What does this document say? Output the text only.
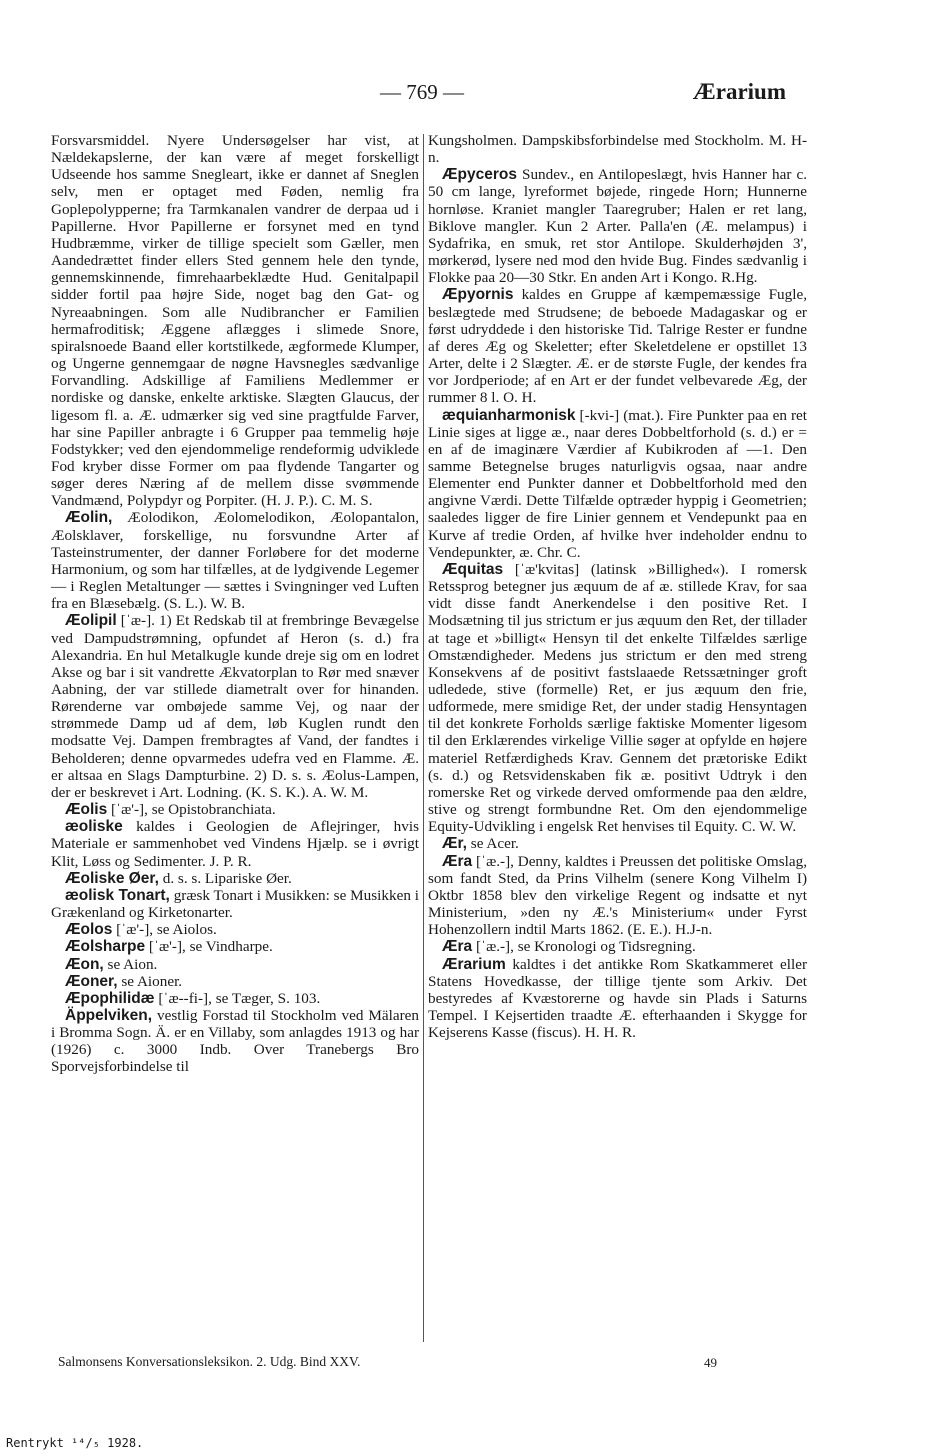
— 769 —	Ærarium

Forsvarsmiddel. Nyere Undersøgelser har vist, at Nældekapslerne, der kan være af meget forskelligt Udseende hos samme Snegleart, ikke er dannet af Sneglen selv, men er optaget med Føden, nemlig fra Goplepolypperne; fra Tarmkanalen vandrer de derpaa ud i Papillerne. Hvor Papillerne er forsynet med en tynd Hudbræmme, virker de tillige specielt som Gæller, men Aandedrættet finder ellers Sted gennem hele den tynde, gennemskinnende, fimrehaarbeklædte Hud. Genitalpapil sidder fortil paa højre Side, noget bag den Gat- og Nyreaabningen. Som alle Nudibrancher er Familien hermafroditisk; Æggene aflægges i slimede Snore, spiralsnoede Baand eller kortstilkede, ægformede Klumper, og Ungerne gennemgaar de nøgne Havsnegles sædvanlige Forvandling. Adskillige af Familiens Medlemmer er nordiske og danske, enkelte arktiske. Slægten Glaucus, der ligesom fl. a. Æ. udmærker sig ved sine pragtfulde Farver, har sine Papiller anbragte i 6 Grupper paa temmelig høje Fodstykker; ved den ejendommelige rendeformig udviklede Fod kryber disse Former om paa flydende Tangarter og søger deres Næring af de mellem disse svømmende Vandmænd, Polypdyr og Porpiter. (H. J. P.). C. M. S.

Æolin, Æolodikon, Æolomelodikon, Æolopantalon, Æolsklaver, forskellige, nu forsvundne Arter af Tasteinstrumenter, der danner Forløbere for det moderne Harmonium, og som har tilfælles, at de lydgivende Legemer — i Reglen Metaltunger — sættes i Svingninger ved Luften fra en Blæsebælg. (S. L.). W. B.

Æolipil [ˈæ-]. 1) Et Redskab til at frembringe Bevægelse ved Dampudstrømning, opfundet af Heron (s. d.) fra Alexandria. En hul Metalkugle kunde dreje sig om en lodret Akse og bar i sit vandrette Ækvatorplan to Rør med snæver Aabning, der var stillede diametralt over for hinanden. Rørenderne var ombøjede samme Vej, og naar der strømmede Damp ud af dem, løb Kuglen rundt den modsatte Vej. Dampen frembragtes af Vand, der fandtes i Beholderen; denne opvarmedes udefra ved en Flamme. Æ. er altsaa en Slags Dampturbine. 2) D. s. s. Æolus-Lampen, der er beskrevet i Art. Lodning. (K. S. K.). A. W. M.

Æolis [ˈæ'-], se Opistobranchiata.

æoliske kaldes i Geologien de Aflejringer, hvis Materiale er sammenhobet ved Vindens Hjælp. se i øvrigt Klit, Løss og Sedimenter. J. P. R.

Æoliske Øer, d. s. s. Lipariske Øer.

æolisk Tonart, græsk Tonart i Musikken: se Musikken i Grækenland og Kirketonarter.

Æolos [ˈæ'-], se Aiolos.

Æolsharpe [ˈæ'-], se Vindharpe.

Æon, se Aion.

Æoner, se Aioner.

Æpophilidæ [ˈæ--fi-], se Tæger, S. 103.

Äppelviken, vestlig Forstad til Stockholm ved Mälaren i Bromma Sogn. Ä. er en Villaby, som anlagdes 1913 og har (1926) c. 3000 Indb. Over Tranebergs Bro Sporvejsforbindelse til

Kungsholmen. Dampskibsforbindelse med Stockholm. M. H-n.

Æpyceros Sundev., en Antilopeslægt, hvis Hanner har c. 50 cm lange, lyreformet bøjede, ringede Horn; Hunnerne hornløse. Kraniet mangler Taaregruber; Halen er ret lang, Biklove mangler. Kun 2 Arter. Palla'en (Æ. melampus) i Sydafrika, en smuk, ret stor Antilope. Skulderhøjden 3', mørkerød, lysere ned mod den hvide Bug. Findes sædvanlig i Flokke paa 20—30 Stkr. En anden Art i Kongo. R.Hg.

Æpyornis kaldes en Gruppe af kæmpemæssige Fugle, beslægtede med Strudsene; de beboede Madagaskar og er først udryddede i den historiske Tid. Talrige Rester er fundne af deres Æg og Skeletter; efter Skeletdelene er opstillet 13 Arter, delte i 2 Slægter. Æ. er de største Fugle, der kendes fra vor Jordperiode; af en Art er der fundet velbevarede Æg, der rummer 8 l. O. H.

æquianharmonisk [-kvi-] (mat.). Fire Punkter paa en ret Linie siges at ligge æ., naar deres Dobbeltforhold (s. d.) er = en af de imaginære Værdier af Kubikroden af —1. Den samme Betegnelse bruges naturligvis ogsaa, naar andre Elementer end Punkter danner et Dobbeltforhold med den angivne Værdi. Dette Tilfælde optræder hyppig i Geometrien; saaledes ligger de fire Linier gennem et Vendepunkt paa en Kurve af tredie Orden, af hvilke hver indeholder endnu to Vendepunkter, æ. Chr. C.

Æquitas [ˈæ'kvitas] (latinsk »Billighed«). I romersk Retssprog betegner jus æquum de af æ. stillede Krav, for saa vidt disse fandt Anerkendelse i den positive Ret. I Modsætning til jus strictum er jus æquum den Ret, der tillader at tage et »billigt« Hensyn til det enkelte Tilfældes særlige Omstændigheder. Medens jus strictum er den med streng Konsekvens af de positivt fastslaaede Retssætninger groft udledede, stive (formelle) Ret, er jus æquum den frie, udformede, mere smidige Ret, der under stadig Hensyntagen til det konkrete Forholds særlige faktiske Momenter ligesom til den Erklærendes virkelige Villie søger at opfylde en højere materiel Retfærdigheds Krav. Gennem det prætoriske Edikt (s. d.) og Retsvidenskaben fik æ. positivt Udtryk i den romerske Ret og virkede derved omformende paa den ældre, stive og strengt formbundne Ret. Om den ejendommelige Equity-Udvikling i engelsk Ret henvises til Equity. C. W. W.

Ær, se Acer.

Æra [ˈæ.-], Denny, kaldtes i Preussen det politiske Omslag, som fandt Sted, da Prins Vilhelm (senere Kong Vilhelm I) Oktbr 1858 blev den virkelige Regent og indsatte et nyt Ministerium, »den ny Æ.'s Ministerium« under Fyrst Hohenzollern indtil Marts 1862. (E. E.). H.J-n.

Æra [ˈæ.-], se Kronologi og Tidsregning.

Ærarium kaldtes i det antikke Rom Skatkammeret eller Statens Hovedkasse, der tillige tjente som Arkiv. Det bestyredes af Kvæstorerne og havde sin Plads i Saturns Tempel. I Kejsertiden traadte Æ. efterhaanden i Skygge for Kejserens Kasse (fiscus). H. H. R.

Salmonsens Konversationsleksikon. 2. Udg. Bind XXV.	49
Rentrykt ¹⁴/₅ 1928.
